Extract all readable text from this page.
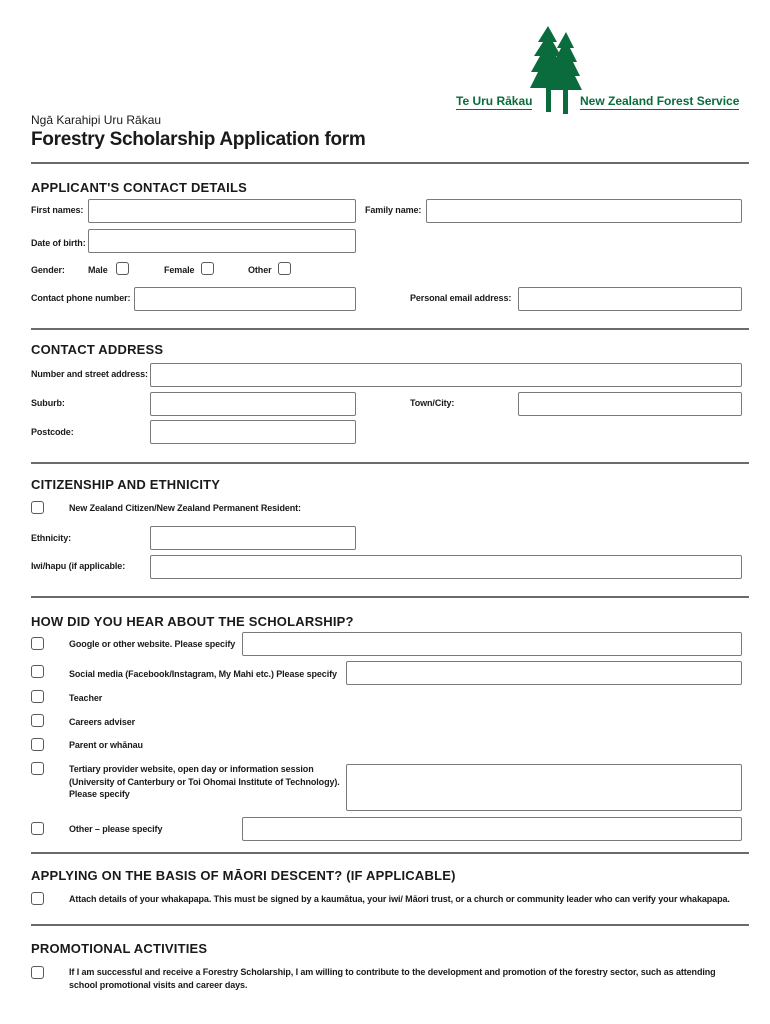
Te Uru Rākau	New Zealand Forest Service
Ngā Karahipi Uru Rākau
Forestry Scholarship Application form
APPLICANT'S CONTACT DETAILS
First names:	Family name:
Date of birth:
Gender:	Male	Female	Other
Contact phone number:	Personal email address:
CONTACT ADDRESS
Number and street address:
Suburb:	Town/City:
Postcode:
CITIZENSHIP AND ETHNICITY
New Zealand Citizen/New Zealand Permanent Resident:
Ethnicity:
Iwi/hapu (if applicable:
HOW DID YOU HEAR ABOUT THE SCHOLARSHIP?
Google or other website. Please specify
Social media (Facebook/Instagram, My Mahi etc.) Please specify
Teacher
Careers adviser
Parent or whānau
Tertiary provider website, open day or information session
(University of Canterbury or Toi Ohomai Institute of Technology).
Please specify
Other – please specify
APPLYING ON THE BASIS OF MĀORI DESCENT? (IF APPLICABLE)
Attach details of your whakapapa. This must be signed by a kaumātua, your iwi/ Māori trust, or a church or community leader who can verify your whakapapa.
PROMOTIONAL ACTIVITIES
If I am successful and receive a Forestry Scholarship, I am willing to contribute to the development and promotion of the forestry sector, such as attending
school promotional visits and career days.
